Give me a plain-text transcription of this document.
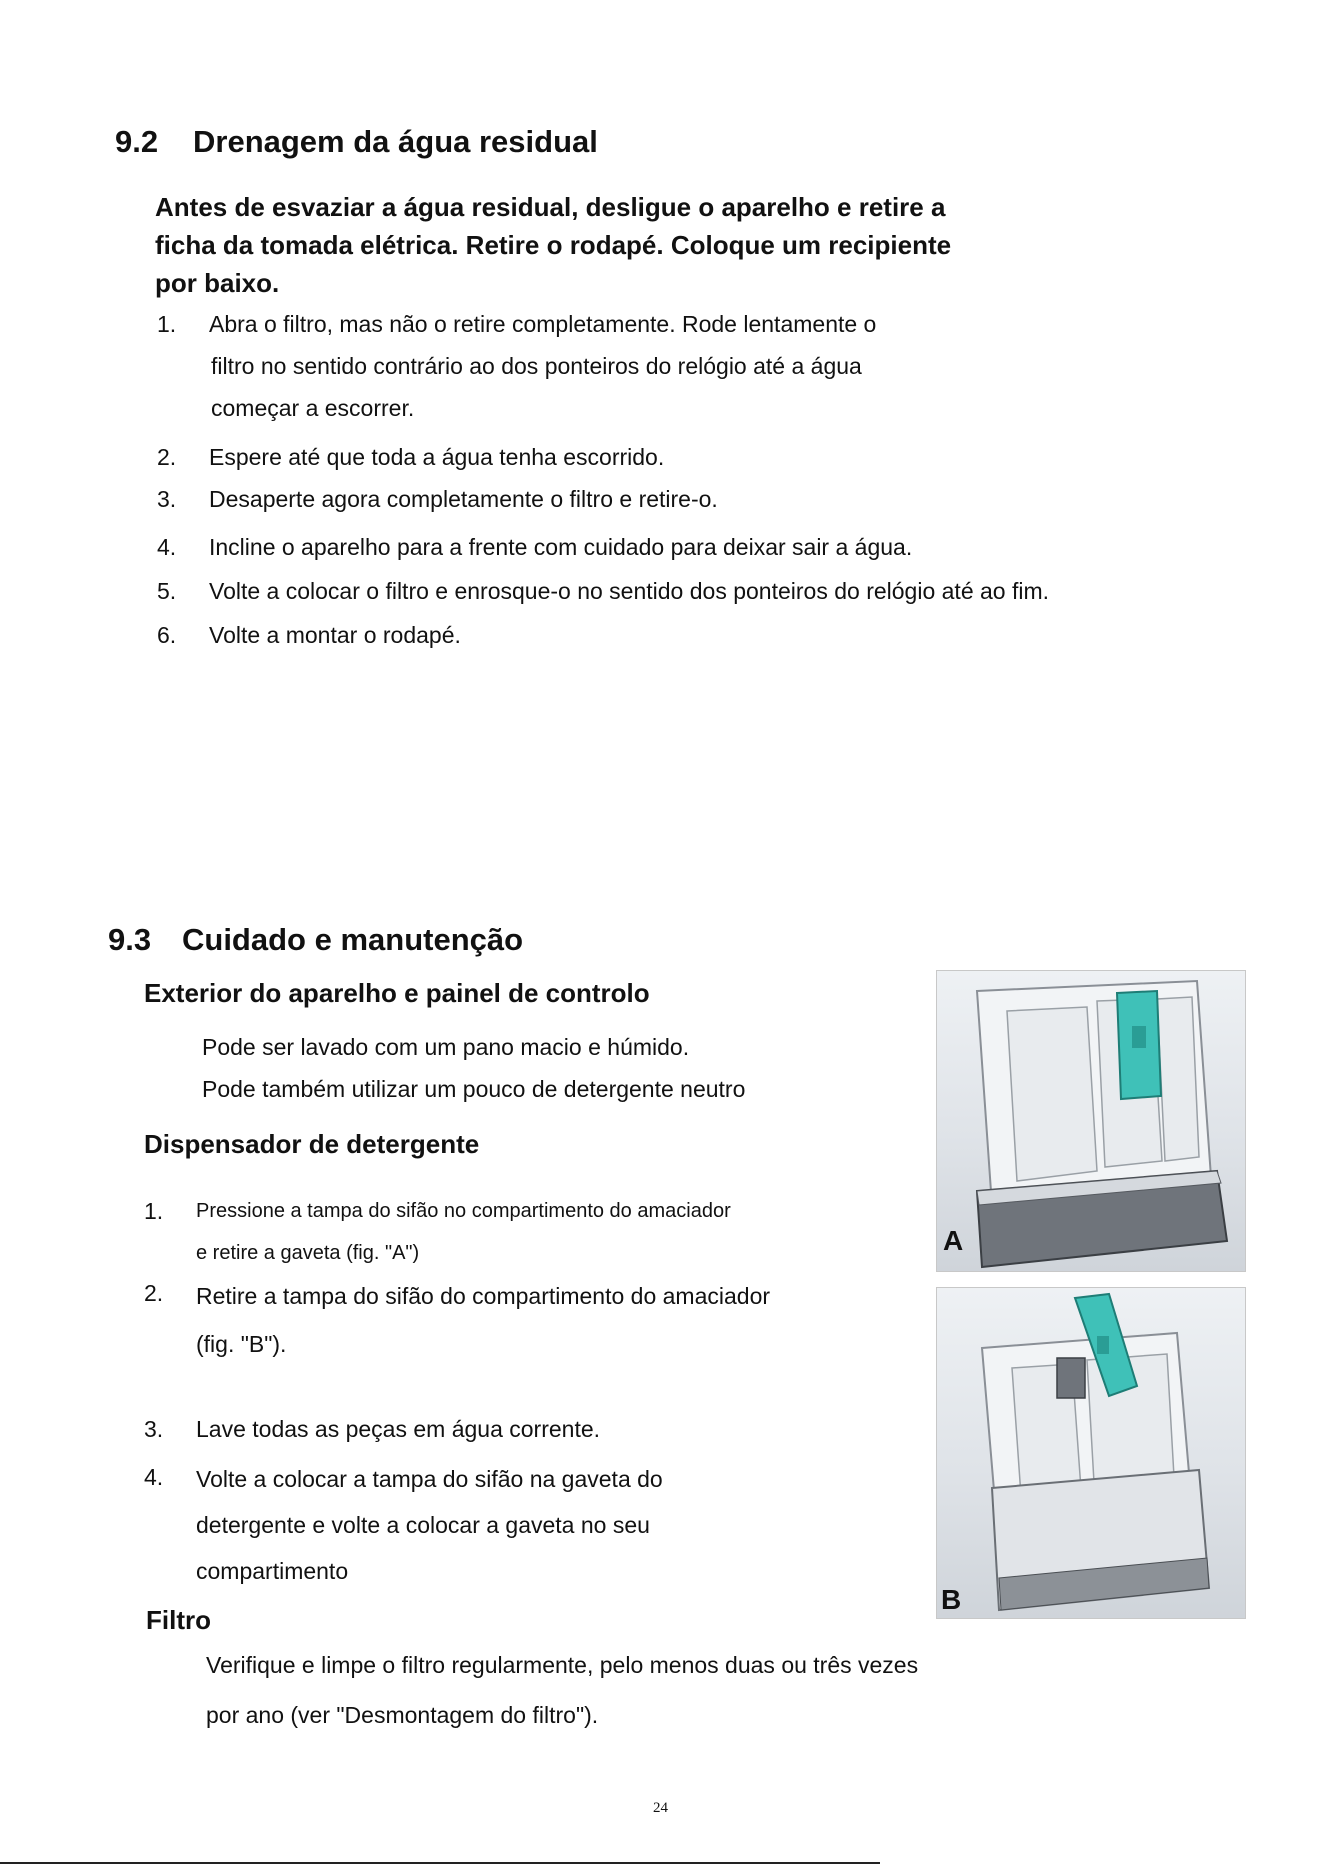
9.2 Drenagem da água residual
Antes de esvaziar a água residual, desligue o aparelho e retire a
ficha da tomada elétrica. Retire o rodapé. Coloque um recipiente
por baixo.
1. Abra o filtro, mas não o retire completamente. Rode lentamente o
filtro no sentido contrário ao dos ponteiros do relógio até a água
começar a escorrer.
2. Espere até que toda a água tenha escorrido.
3. Desaperte agora completamente o filtro e retire-o.
4. Incline o aparelho para a frente com cuidado para deixar sair a água.
5. Volte a colocar o filtro e enrosque-o no sentido dos ponteiros do relógio até ao fim.
6. Volte a montar o rodapé.
9.3 Cuidado e manutenção
Exterior do aparelho e painel de controlo
Pode ser lavado com um pano macio e húmido.
Pode também utilizar um pouco de detergente neutro
Dispensador de detergente
1. Pressione a tampa do sifão no compartimento do amaciador
e retire a gaveta (fig. "A")
2. Retire a tampa do sifão do compartimento do amaciador
(fig. "B").
3. Lave todas as peças em água corrente.
4. Volte a colocar a tampa do sifão na gaveta do
detergente e volte a colocar a gaveta no seu
compartimento
Filtro
Verifique e limpe o filtro regularmente, pelo menos duas ou três vezes
por ano (ver "Desmontagem do filtro").
A
B
24
